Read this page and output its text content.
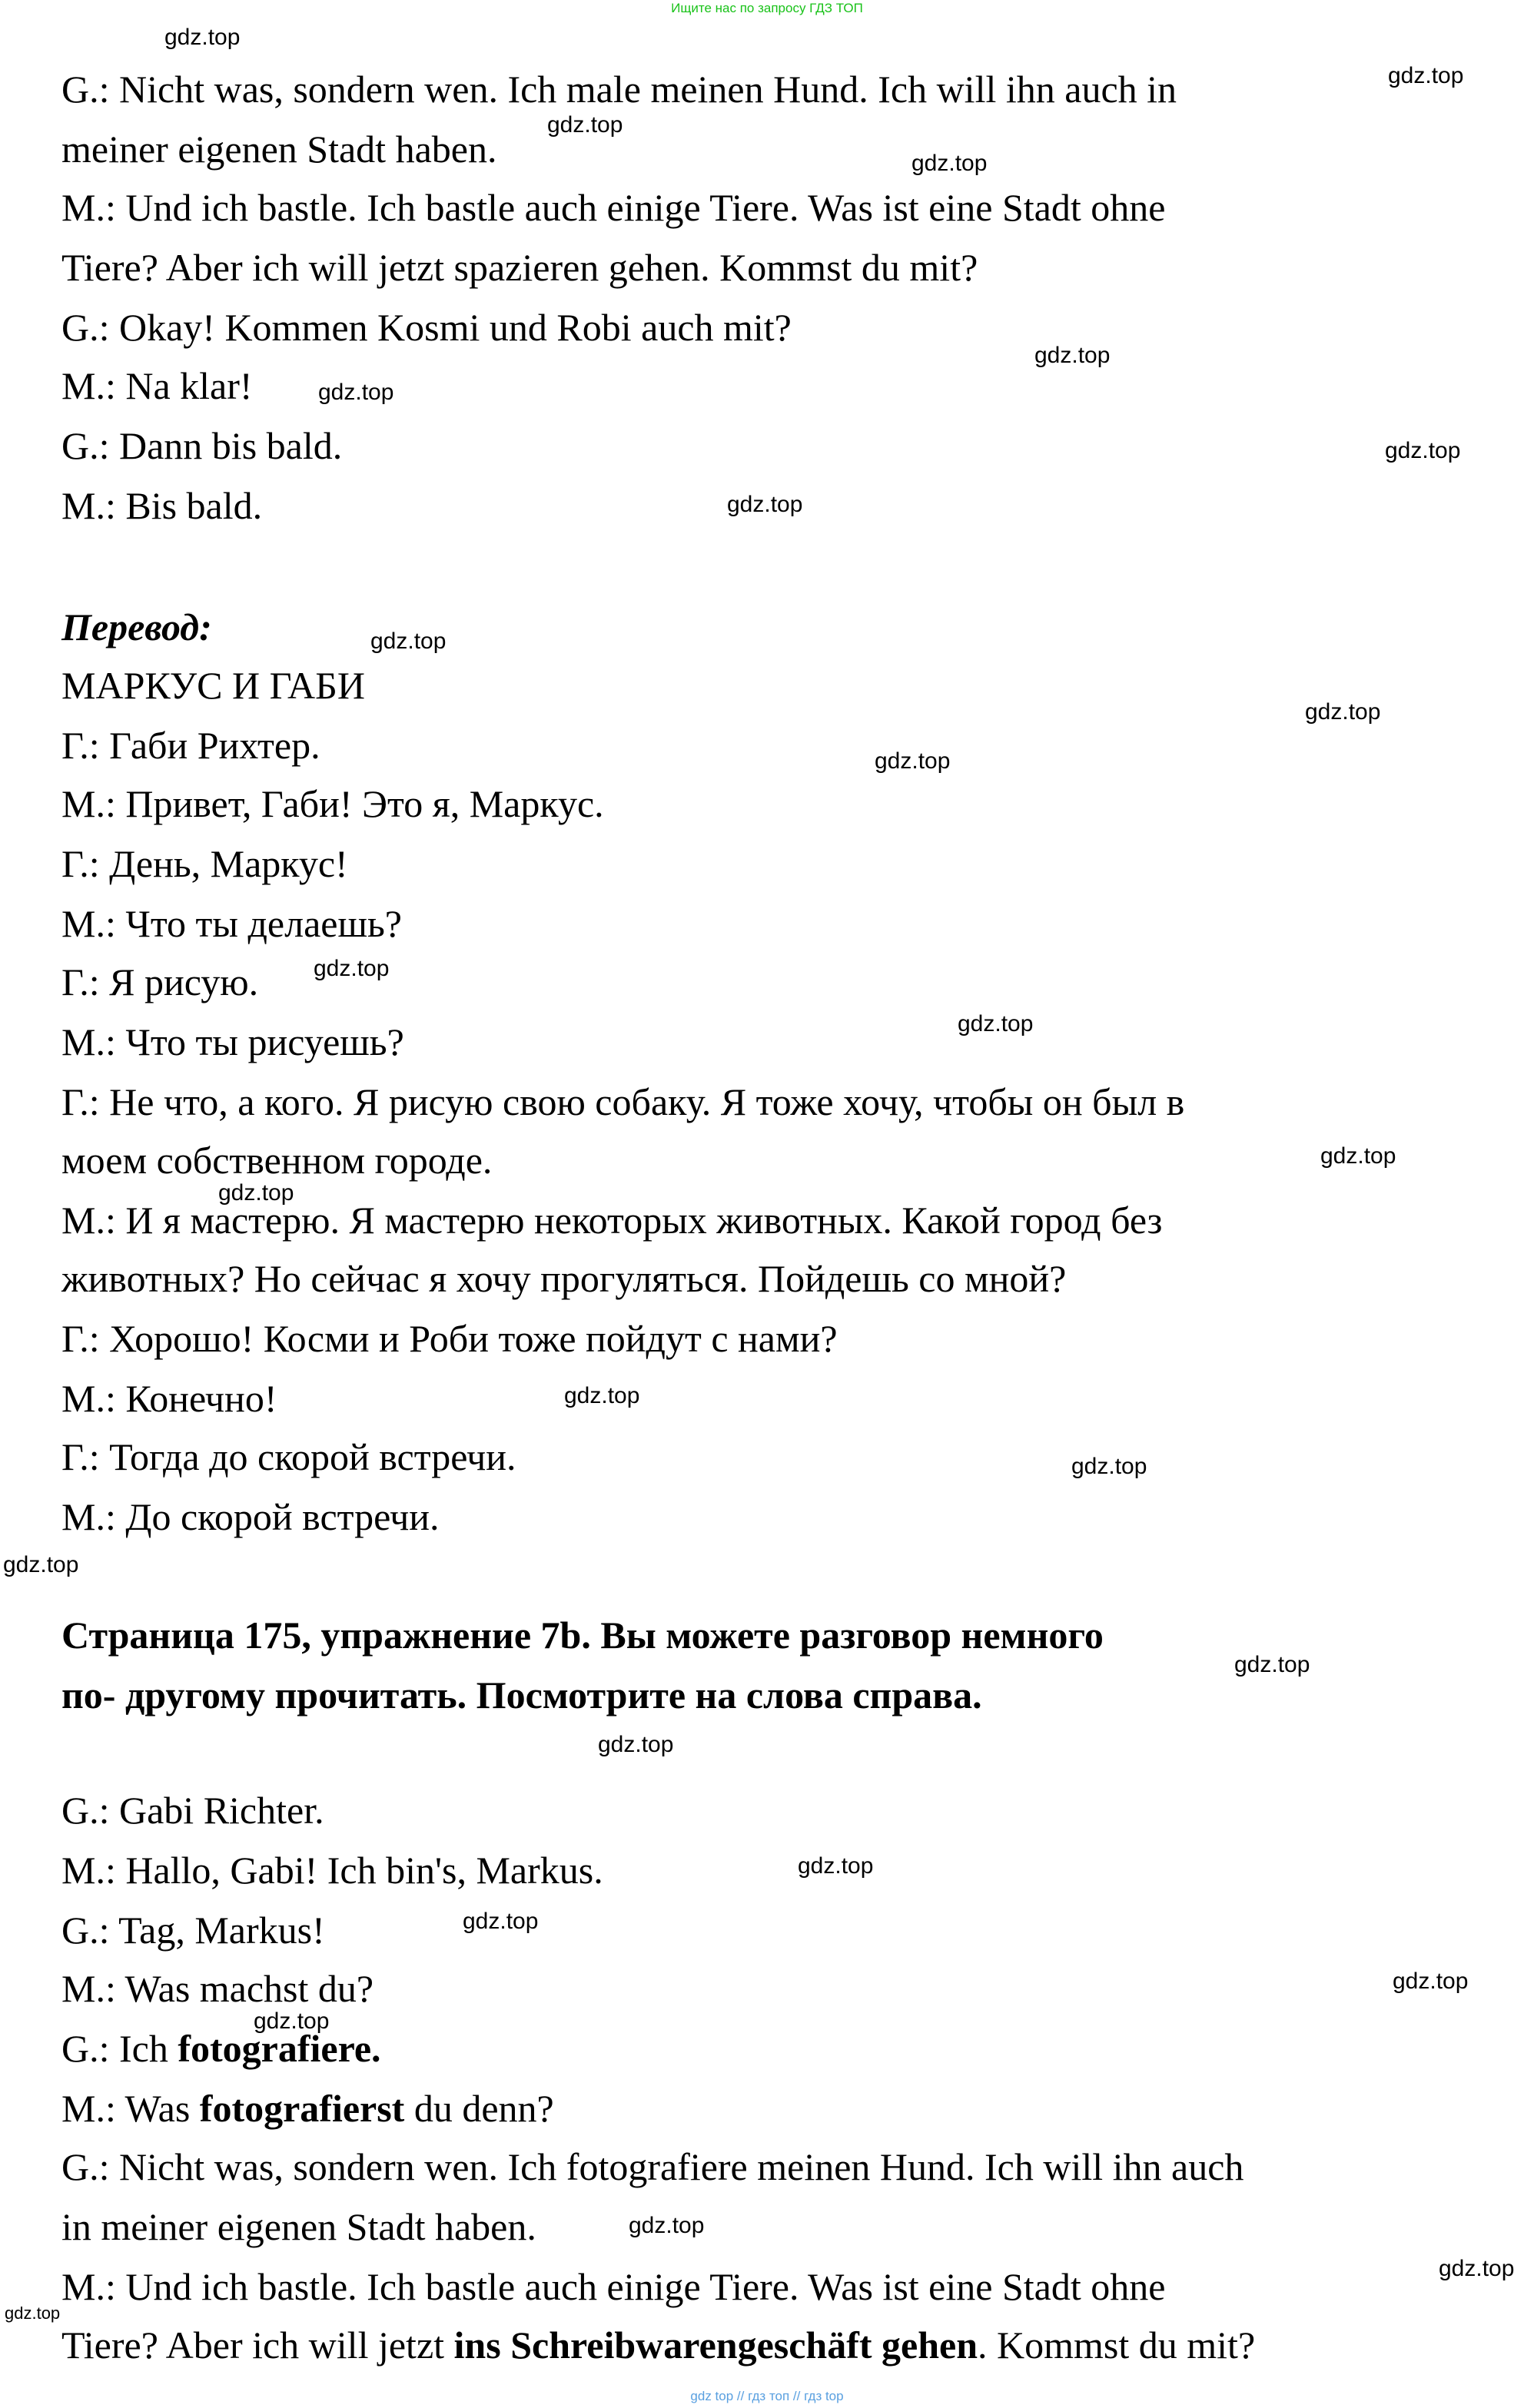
Ищите нас по запросу ГДЗ ТОП
G.: Nicht was, sondern wen. Ich male meinen Hund. Ich will ihn auch in
meiner eigenen Stadt haben.
M.: Und ich bastle. Ich bastle auch einige Tiere. Was ist eine Stadt ohne
Tiere? Aber ich will jetzt spazieren gehen. Kommst du mit?
G.: Okay! Kommen Kosmi und Robi auch mit?
M.: Na klar!
G.: Dann bis bald.
M.: Bis bald.
Перевод:
МАРКУС И ГАБИ
Г.: Габи Рихтер.
М.: Привет, Габи! Это я, Маркус.
Г.: День, Маркус!
М.: Что ты делаешь?
Г.: Я рисую.
М.: Что ты рисуешь?
Г.: Не что, а кого. Я рисую свою собаку. Я тоже хочу, чтобы он был в
моем собственном городе.
М.: И я мастерю. Я мастерю некоторых животных. Какой город без
животных? Но сейчас я хочу прогуляться. Пойдешь со мной?
Г.: Хорошо! Косми и Роби тоже пойдут с нами?
М.: Конечно!
Г.: Тогда до скорой встречи.
М.: До скорой встречи.
Страница 175, упражнение 7b. Вы можете разговор немного
по- другому прочитать. Посмотрите на слова справа.
G.: Gabi Richter.
M.: Hallo, Gabi! Ich bin's, Markus.
G.: Tag, Markus!
M.: Was machst du?
G.: Ich fotografiere.
M.: Was fotografierst du denn?
G.: Nicht was, sondern wen. Ich fotografiere meinen Hund. Ich will ihn auch
in meiner eigenen Stadt haben.
M.: Und ich bastle. Ich bastle auch einige Tiere. Was ist eine Stadt ohne
Tiere? Aber ich will jetzt ins Schreibwarengeschäft gehen. Kommst du mit?
gdz.top
gdz.top
gdz.top
gdz.top
gdz.top
gdz.top
gdz.top
gdz.top
gdz.top
gdz.top
gdz.top
gdz.top
gdz.top
gdz.top
gdz.top
gdz.top
gdz.top
gdz.top
gdz.top
gdz.top
gdz.top
gdz.top
gdz.top
gdz.top
gdz.top
gdz.top
gdz.top
gdz top // гдз топ // гдз top
